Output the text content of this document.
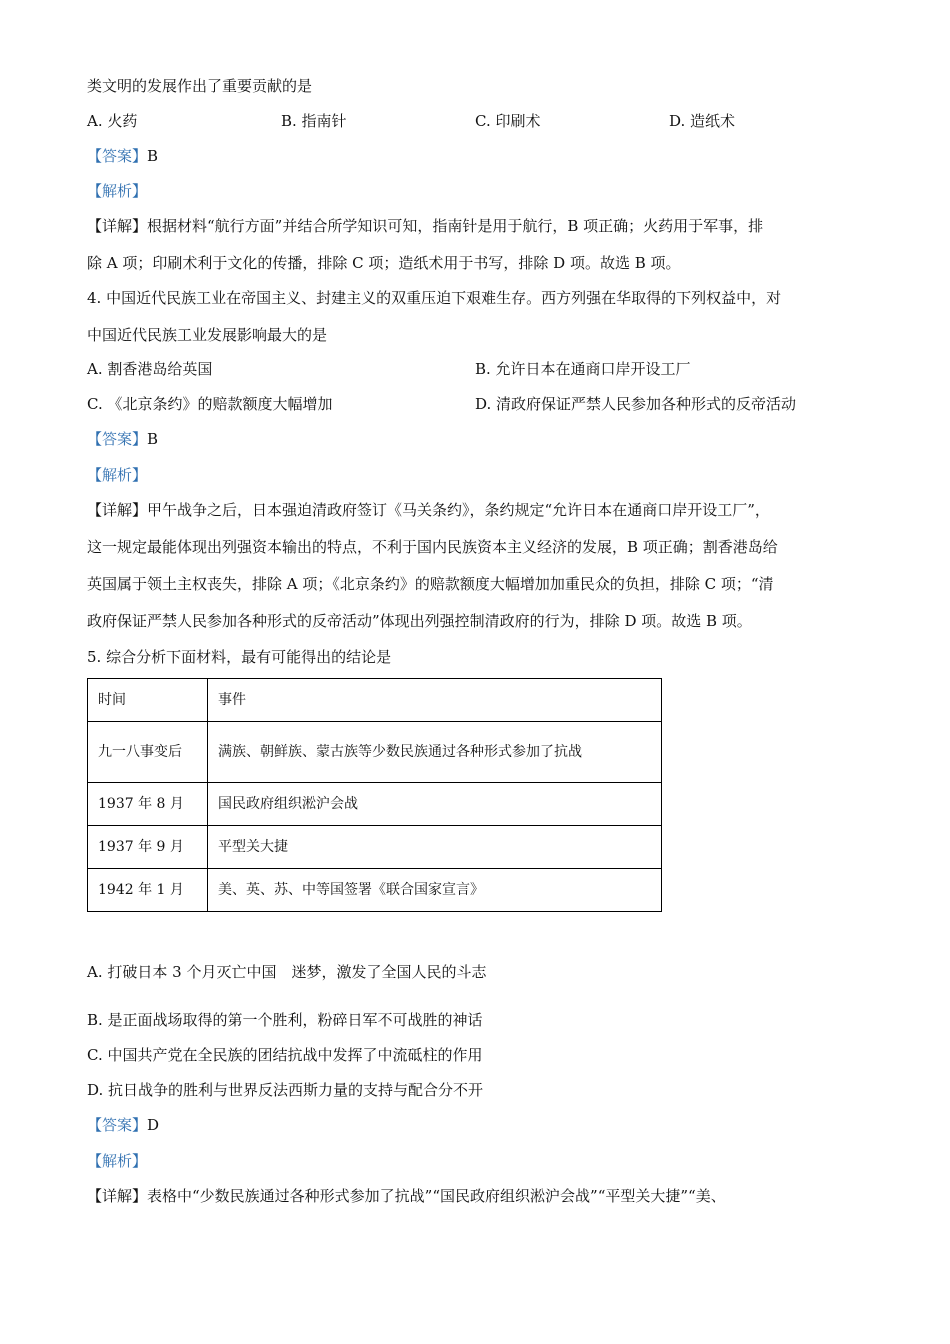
类文明的发展作出了重要贡献的是
A. 火药	B. 指南针	C. 印刷术	D. 造纸术
【答案】B
【解析】
【详解】根据材料“航行方面”并结合所学知识可知，指南针是用于航行，B 项正确；火药用于军事，排
除 A 项；印刷术利于文化的传播，排除 C 项；造纸术用于书写，排除 D 项。故选 B 项。
4. 中国近代民族工业在帝国主义、封建主义的双重压迫下艰难生存。西方列强在华取得的下列权益中，对
中国近代民族工业发展影响最大的是
A. 割香港岛给英国	B. 允许日本在通商口岸开设工厂
C. 《北京条约》的赔款额度大幅增加	D. 清政府保证严禁人民参加各种形式的反帝活动
【答案】B
【解析】
【详解】甲午战争之后，日本强迫清政府签订《马关条约》，条约规定“允许日本在通商口岸开设工厂”，
这一规定最能体现出列强资本输出的特点，不利于国内民族资本主义经济的发展，B 项正确；割香港岛给
英国属于领土主权丧失，排除 A 项；《北京条约》的赔款额度大幅增加加重民众的负担，排除 C 项；“清
政府保证严禁人民参加各种形式的反帝活动”体现出列强控制清政府的行为，排除 D 项。故选 B 项。
5. 综合分析下面材料，最有可能得出的结论是
时间	事件
九一八事变后	满族、朝鲜族、蒙古族等少数民族通过各种形式参加了抗战
1937 年 8 月	国民政府组织淞沪会战
1937 年 9 月	平型关大捷
1942 年 1 月	美、英、苏、中等国签署《联合国家宣言》
A. 打破日本 3 个月灭亡中国　迷梦，激发了全国人民的斗志
B. 是正面战场取得的第一个胜利，粉碎日军不可战胜的神话
C. 中国共产党在全民族的团结抗战中发挥了中流砥柱的作用
D. 抗日战争的胜利与世界反法西斯力量的支持与配合分不开
【答案】D
【解析】
【详解】表格中“少数民族通过各种形式参加了抗战”“国民政府组织淞沪会战”“平型关大捷”“美、
